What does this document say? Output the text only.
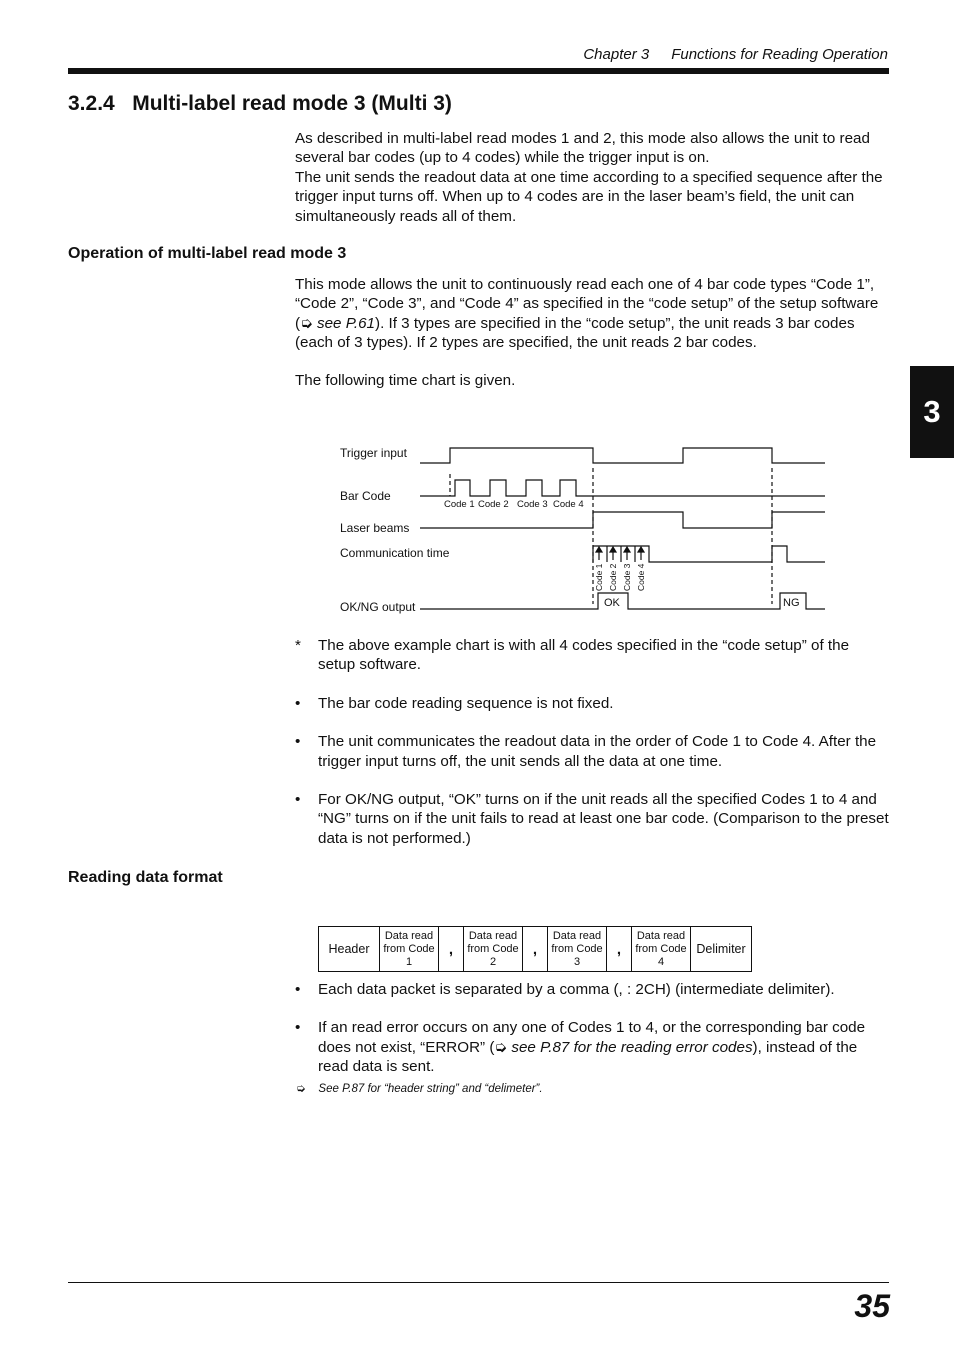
Chapter 3 Functions for Reading Operation
3.2.4   Multi-label read mode 3 (Multi 3)
3
As described in multi-label read modes 1 and 2, this mode also allows the unit to read several bar codes (up to 4 codes) while the trigger input is on.
The unit sends the readout data at one time according to a specified sequence after the trigger input turns off. When up to 4 codes are in the laser beam’s field, the unit can simultaneously reads all of them.
Operation of multi-label read mode 3
This mode allows the unit to continuously read each one of 4 bar code types “Code 1”, “Code 2”, “Code 3”, and “Code 4” as specified in the “code setup” of the setup software (➭ see P.61). If 3 types are specified in the “code setup”, the unit reads 3 bar codes (each of 3 types). If 2 types are specified, the unit reads 2 bar codes.
The following time chart is given.
Trigger input
Bar Code
Laser beams
Communication time
OK/NG output
Code 1 Code 2 Code 3 Code 4
Code 1 Code 2 Code 3 Code 4
OK	NG
*	The above example chart is with all 4 codes specified in the “code setup” of the setup software.
•	The bar code reading sequence is not fixed.
•	The unit communicates the readout data in the order of Code 1 to Code 4. After the trigger input turns off, the unit sends all the data at one time.
•	For OK/NG output, “OK” turns on if the unit reads all the specified Codes 1 to 4 and “NG” turns on if the unit fails to read at least one bar code. (Comparison to the preset data is not performed.)
Reading data format
Header	Data read from Code 1	,	Data read from Code 2	,	Data read from Code 3	,	Data read from Code 4	Delimiter
•	Each data packet is separated by a comma (, : 2CH) (intermediate delimiter).
•	If an read error occurs on any one of Codes 1 to 4, or the corresponding bar code does not exist, “ERROR” (➭ see P.87 for the reading error codes), instead of the read data is sent.
➭ See P.87 for “header string” and “delimeter”.
35
